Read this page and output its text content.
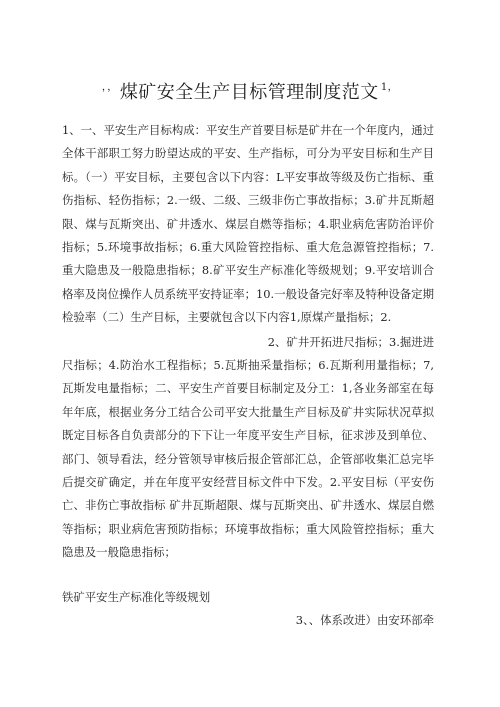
，， 煤矿安全生产目标管理制度范文 $^{1,}$
1、一、平安生产目标构成：平安生产首要目标是矿井在一个年度内，通过全体干部职工努力盼望达成的平安、生产指标，可分为平安目标和生产目标。（一）平安目标，主要包含以下内容：L平安事故等级及伤亡指标、重伤指标、轻伤指标；2.一级、二级、三级非伤亡事故指标；3.矿井瓦斯超限、煤与瓦斯突出、矿井透水、煤层自燃等指标；4.职业病危害防治评价指标；5.环境事故指标；6.重大风险管控指标、重大危急源管控指标；7.重大隐患及一般隐患指标；8.矿平安生产标准化等级规划；9.平安培训合格率及岗位操作人员系统平安持证率；10.一般设备完好率及特种设备定期检验率（二）生产目标，主要就包含以下内容1,原煤产量指标；2.
2、矿井开拓进尺指标；3.掘进进
尺指标；4.防治水工程指标；5.瓦斯抽采量指标；6.瓦斯利用量指标；7,瓦斯发电量指标；二、平安生产首要目标制定及分工：1,各业务部室在每年年底，根据业务分工结合公司平安大批量生产目标及矿井实际状况草拟既定目标各自负责部分的下下让一年度平安生产目标，征求涉及到单位、部门、领导看法，经分管领导审核后报企管部汇总，企管部收集汇总完毕后提交矿确定，并在年度平安经营目标文件中下发。2.平安目标（平安伤亡、非伤亡事故指标 矿井瓦斯超限、煤与瓦斯突出、矿井透水、煤层自燃等指标；职业病危害预防指标；环境事故指标；重大风险管控指标；重大隐患及一般隐患指标；
铁矿平安生产标准化等级规划
3、、体系改进）由安环部牵
